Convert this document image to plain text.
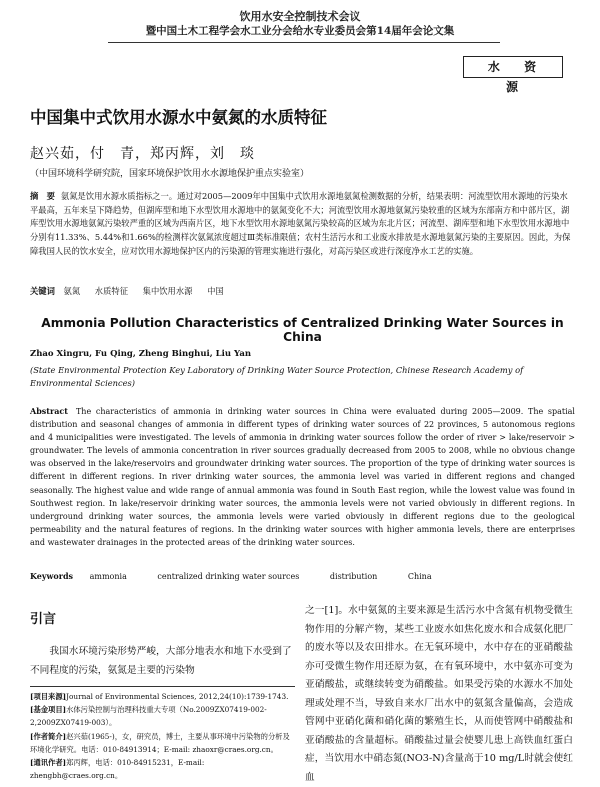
饮用水安全控制技术会议
暨中国土木工程学会水工业分会给水专业委员会第14届年会论文集
水 资 源
中国集中式饮用水源水中氨氮的水质特征
赵兴茹，付　青，郑丙辉，刘　琰
（中国环境科学研究院，国家环境保护饮用水水源地保护重点实验室）
摘　要 氨氮是饮用水源水质指标之一。通过对2005—2009年中国集中式饮用水源地氨氮检测数据的分析，结果表明：河流型饮用水源地的污染水平最高，五年来呈下降趋势，但湖库型和地下水型饮用水源地中的氨氮变化不大；河流型饮用水源地氨氮污染较重的区域为东部南方和中部片区，湖库型饮用水源地氨氮污染较严重的区域为西南片区，地下水型饮用水源地氨氮污染较高的区域为东北片区；河流型、湖库型和地下水型饮用水源地中分别有11.33%、5.44%和1.66%的检测样次氨氮浓度超过Ⅲ类标准限值；农村生活污水和工业废水排放是水源地氨氮污染的主要原因。因此，为保障我国人民的饮水安全，应对饮用水源地保护区内的污染源的管理实施进行强化，对高污染区或进行深度净水工艺的实施。
关键词 氨氮 水质特征 集中饮用水源 中国
Ammonia Pollution Characteristics of Centralized Drinking Water Sources in China
Zhao Xingru, Fu Qing, Zheng Binghui, Liu Yan
(State Environmental Protection Key Laboratory of Drinking Water Source Protection, Chinese Research Academy of Environmental Sciences)
Abstract The characteristics of ammonia in drinking water sources in China were evaluated during 2005—2009. The spatial distribution and seasonal changes of ammonia in different types of drinking water sources of 22 provinces, 5 autonomous regions and 4 municipalities were investigated. The levels of ammonia in drinking water sources follow the order of river > lake/reservoir > groundwater. The levels of ammonia concentration in river sources gradually decreased from 2005 to 2008, while no obvious change was observed in the lake/reservoirs and groundwater drinking water sources. The proportion of the type of drinking water sources is different in different regions. In river drinking water sources, the ammonia level was varied in different regions and changed seasonally. The highest value and wide range of annual ammonia was found in South East region, while the lowest value was found in Southwest region. In lake/reservoir drinking water sources, the ammonia levels were not varied obviously in different regions. In underground drinking water sources, the ammonia levels were varied obviously in different regions due to the geological permeability and the natural features of regions. In the drinking water sources with higher ammonia levels, there are enterprises and wastewater drainages in the protected areas of the drinking water sources.
Keywords ammonia	centralized drinking water sources	distribution	China
引言
我国水环境污染形势严峻，大部分地表水和地下水受到了不同程度的污染，氨氮是主要的污染物
[项目来源]Journal of Environmental Sciences, 2012,24(10):1739-1743.
[基金项目]水体污染控制与治理科技重大专项（No.2009ZX07419-002-2,2009ZX07419-003）。
[作者简介]赵兴茹(1965-)，女，研究员，博士，主要从事环境中污染物的分析及环境化学研究。电话：010-84913914；E-mail: zhaoxr@craes.org.cn。
[通讯作者]郑丙辉，电话：010-84915231，E-mail: zhengbh@craes.org.cn。
之一[1]。水中氨氮的主要来源是生活污水中含氮有机物受微生物作用的分解产物，某些工业废水如焦化废水和合成氨化肥厂的废水等以及农田排水。在无氧环境中，水中存在的亚硝酸盐亦可受微生物作用还原为氨，在有氧环境中，水中氨亦可变为亚硝酸盐，或继续转变为硝酸盐。如果受污染的水源水不加处理或处理不当，导致自来水厂出水中的氨氮含量偏高，会造成管网中亚硝化菌和硝化菌的繁殖生长，从而使管网中硝酸盐和亚硝酸盐的含量超标。硝酸盐过量会使婴儿患上高铁血红蛋白症，当饮用水中硝态氮(NO3-N)含量高于10 mg/L时就会使红血
